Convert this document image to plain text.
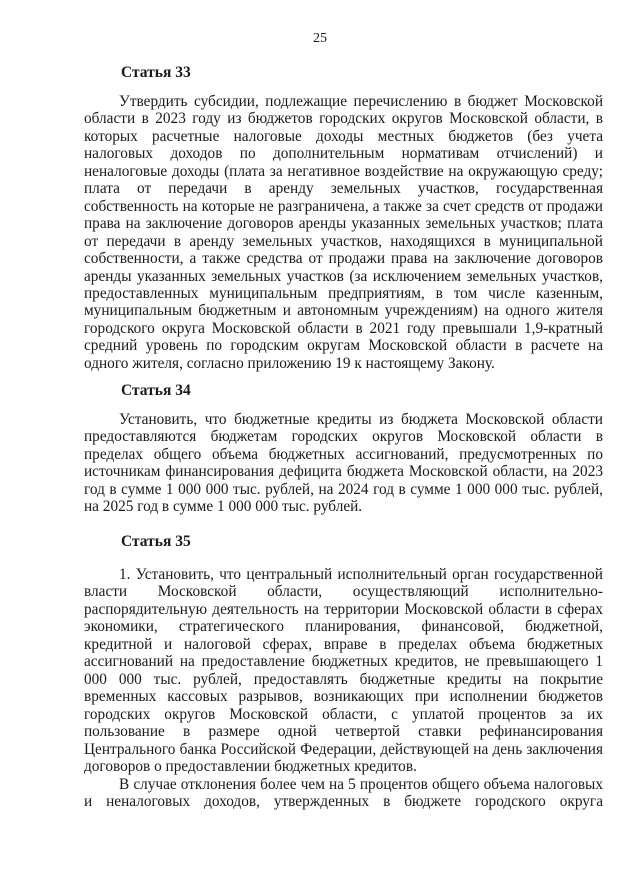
25
Статья 33

Утвердить субсидии, подлежащие перечислению в бюджет Московской области в 2023 году из бюджетов городских округов Московской области, в которых расчетные налоговые доходы местных бюджетов (без учета налоговых доходов по дополнительным нормативам отчислений) и неналоговые доходы (плата за негативное воздействие на окружающую среду; плата от передачи в аренду земельных участков, государственная собственность на которые не разграничена, а также за счет средств от продажи права на заключение договоров аренды указанных земельных участков; плата от передачи в аренду земельных участков, находящихся в муниципальной собственности, а также средства от продажи права на заключение договоров аренды указанных земельных участков (за исключением земельных участков, предоставленных муниципальным предприятиям, в том числе казенным, муниципальным бюджетным и автономным учреждениям) на одного жителя городского округа Московской области в 2021 году превышали 1,9-кратный средний уровень по городским округам Московской области в расчете на одного жителя, согласно приложению 19 к настоящему Закону.

Статья 34

Установить, что бюджетные кредиты из бюджета Московской области предоставляются бюджетам городских округов Московской области в пределах общего объема бюджетных ассигнований, предусмотренных по источникам финансирования дефицита бюджета Московской области, на 2023 год в сумме 1 000 000 тыс. рублей, на 2024 год в сумме 1 000 000 тыс. рублей, на 2025 год в сумме 1 000 000 тыс. рублей.

Статья 35

1. Установить, что центральный исполнительный орган государственной власти Московской области, осуществляющий исполнительно-распорядительную деятельность на территории Московской области в сферах экономики, стратегического планирования, финансовой, бюджетной, кредитной и налоговой сферах, вправе в пределах объема бюджетных ассигнований на предоставление бюджетных кредитов, не превышающего 1 000 000 тыс. рублей, предоставлять бюджетные кредиты на покрытие временных кассовых разрывов, возникающих при исполнении бюджетов городских округов Московской области, с уплатой процентов за их пользование в размере одной четвертой ставки рефинансирования Центрального банка Российской Федерации, действующей на день заключения договоров о предоставлении бюджетных кредитов.

В случае отклонения более чем на 5 процентов общего объема налоговых и неналоговых доходов, утвержденных в бюджете городского округа
